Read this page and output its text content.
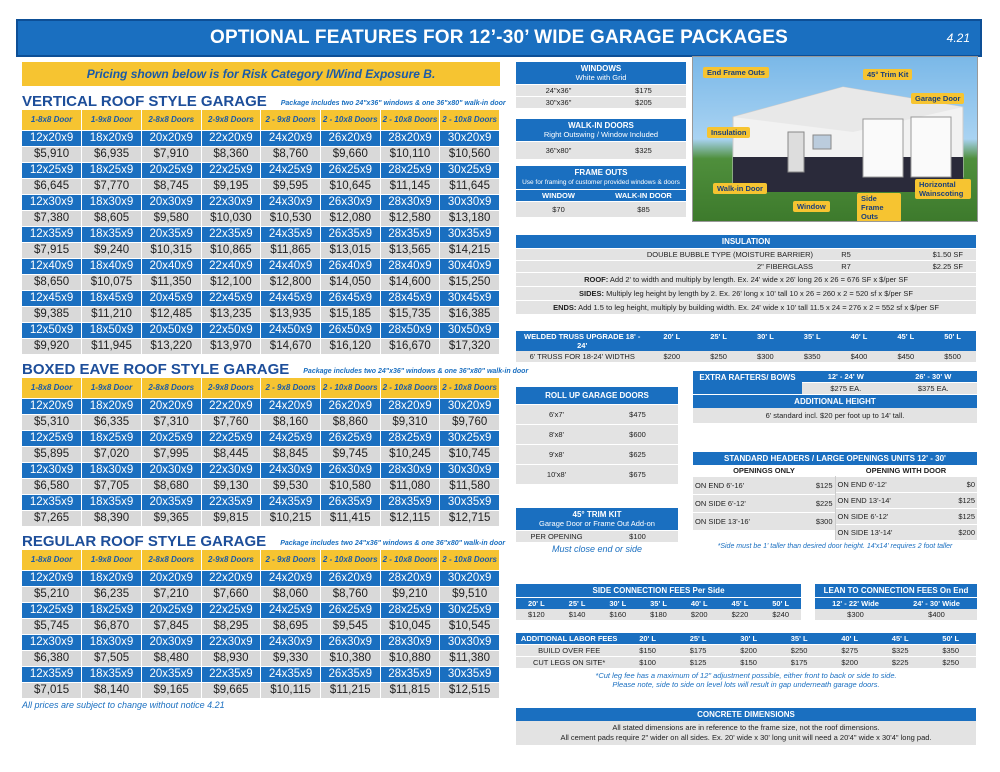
OPTIONAL FEATURES FOR 12’-30’ WIDE GARAGE PACKAGES	4.21
Pricing shown below is for Risk Category I/Wind Exposure B.
VERTICAL ROOF STYLE GARAGE Package includes two 24"x36" windows & one 36"x80" walk-in door
1-8x8 Door	1-9x8 Door	2-8x8 Doors	2-9x8 Doors	2 - 9x8 Doors	2 - 10x8 Doors	2 - 10x8 Doors	2 - 10x8 Doors
12x20x9	18x20x9	20x20x9	22x20x9	24x20x9	26x20x9	28x20x9	30x20x9
$5,910	$6,935	$7,910	$8,360	$8,760	$9,660	$10,110	$10,560
12x25x9	18x25x9	20x25x9	22x25x9	24x25x9	26x25x9	28x25x9	30x25x9
$6,645	$7,770	$8,745	$9,195	$9,595	$10,645	$11,145	$11,645
12x30x9	18x30x9	20x30x9	22x30x9	24x30x9	26x30x9	28x30x9	30x30x9
$7,380	$8,605	$9,580	$10,030	$10,530	$12,080	$12,580	$13,180
12x35x9	18x35x9	20x35x9	22x35x9	24x35x9	26x35x9	28x35x9	30x35x9
$7,915	$9,240	$10,315	$10,865	$11,865	$13,015	$13,565	$14,215
12x40x9	18x40x9	20x40x9	22x40x9	24x40x9	26x40x9	28x40x9	30x40x9
$8,650	$10,075	$11,350	$12,100	$12,800	$14,050	$14,600	$15,250
12x45x9	18x45x9	20x45x9	22x45x9	24x45x9	26x45x9	28x45x9	30x45x9
$9,385	$11,210	$12,485	$13,235	$13,935	$15,185	$15,735	$16,385
12x50x9	18x50x9	20x50x9	22x50x9	24x50x9	26x50x9	28x50x9	30x50x9
$9,920	$11,945	$13,220	$13,970	$14,670	$16,120	$16,670	$17,320
BOXED EAVE ROOF STYLE GARAGE Package includes two 24"x36" windows & one 36"x80" walk-in door
1-8x8 Door	1-9x8 Door	2-8x8 Doors	2-9x8 Doors	2 - 9x8 Doors	2 - 10x8 Doors	2 - 10x8 Doors	2 - 10x8 Doors
12x20x9	18x20x9	20x20x9	22x20x9	24x20x9	26x20x9	28x20x9	30x20x9
$5,310	$6,335	$7,310	$7,760	$8,160	$8,860	$9,310	$9,760
12x25x9	18x25x9	20x25x9	22x25x9	24x25x9	26x25x9	28x25x9	30x25x9
$5,895	$7,020	$7,995	$8,445	$8,845	$9,745	$10,245	$10,745
12x30x9	18x30x9	20x30x9	22x30x9	24x30x9	26x30x9	28x30x9	30x30x9
$6,580	$7,705	$8,680	$9,130	$9,530	$10,580	$11,080	$11,580
12x35x9	18x35x9	20x35x9	22x35x9	24x35x9	26x35x9	28x35x9	30x35x9
$7,265	$8,390	$9,365	$9,815	$10,215	$11,415	$12,115	$12,715
REGULAR ROOF STYLE GARAGE Package includes two 24"x36" windows & one 36"x80" walk-in door
1-8x8 Door	1-9x8 Door	2-8x8 Doors	2-9x8 Doors	2 - 9x8 Doors	2 - 10x8 Doors	2 - 10x8 Doors	2 - 10x8 Doors
12x20x9	18x20x9	20x20x9	22x20x9	24x20x9	26x20x9	28x20x9	30x20x9
$5,210	$6,235	$7,210	$7,660	$8,060	$8,760	$9,210	$9,510
12x25x9	18x25x9	20x25x9	22x25x9	24x25x9	26x25x9	28x25x9	30x25x9
$5,745	$6,870	$7,845	$8,295	$8,695	$9,545	$10,045	$10,545
12x30x9	18x30x9	20x30x9	22x30x9	24x30x9	26x30x9	28x30x9	30x30x9
$6,380	$7,505	$8,480	$8,930	$9,330	$10,380	$10,880	$11,380
12x35x9	18x35x9	20x35x9	22x35x9	24x35x9	26x35x9	28x35x9	30x35x9
$7,015	$8,140	$9,165	$9,665	$10,115	$11,215	$11,815	$12,515
All prices are subject to change without notice 4.21
WINDOWS
White with Grid
24"x36"	$175
30"x36"	$205
WALK-IN DOORS
Right Outswing / Window Included
36"x80"	$325
FRAME OUTS
Use for framing of customer provided windows & doors
WINDOW	WALK-IN DOOR
$70	$85
End Frame Outs	45° Trim Kit
Garage Door
Insulation
Walk-in Door
Window
Side Frame Outs
Horizontal Wainscoting
INSULATION
DOUBLE BUBBLE TYPE (MOISTURE BARRIER)	R5	$1.50 SF
2" FIBERGLASS	R7	$2.25 SF
ROOF: Add 2' to width and multiply by length. Ex. 24' wide x 26' long 26 x 26 = 676 SF x $/per SF
SIDES: Multiply leg height by length by 2. Ex. 26' long x 10' tall 10 x 26 = 260 x 2 = 520 sf x $/per SF
ENDS: Add 1.5 to leg height, multiply by building width. Ex. 24' wide x 10' tall 11.5 x 24 = 276 x 2 = 552 sf x $/per SF
WELDED TRUSS UPGRADE 18' - 24'
20' L	25' L	30' L	35' L	40' L	45' L	50' L
6' TRUSS FOR 18-24' WIDTHS	$200	$250	$300	$350	$400	$450	$500
ROLL UP GARAGE DOORS
6'x7'	$475
8'x8'	$600
9'x8'	$625
10'x8'	$675
45° TRIM KIT
Garage Door or Frame Out Add-on
PER OPENING	$100
Must close end or side
EXTRA RAFTERS/ BOWS	12' - 24' W	26' - 30' W
$275 EA.	$375 EA.
ADDITIONAL HEIGHT
6' standard incl. $20 per foot up to 14' tall.
STANDARD HEADERS / LARGE OPENINGS UNITS 12' - 30'
OPENINGS ONLY	OPENING WITH DOOR
ON END 6'-16'	$125
ON SIDE 6'-12'	$225
ON SIDE 13'-16'	$300
ON END 6'-12'	$0
ON END 13'-14'	$125
ON SIDE 6'-12'	$125
ON SIDE 13'-14'	$200
*Side must be 1' taller than desired door height. 14'x14' requires 2 foot taller
SIDE CONNECTION FEES Per Side
20' L	25' L	30' L	35' L	40' L	45' L	50' L
$120	$140	$160	$180	$200	$220	$240
LEAN TO CONNECTION FEES On End
12' - 22' Wide	24' - 30' Wide
$300	$400
ADDITIONAL LABOR FEES	20' L	25' L	30' L	35' L	40' L	45' L	50' L
BUILD OVER FEE	$150	$175	$200	$250	$275	$325	$350
CUT LEGS ON SITE*	$100	$125	$150	$175	$200	$225	$250
*Cut leg fee has a maximum of 12" adjustment possible, either front to back or side to side.
Please note, side to side on level lots will result in gap underneath garage doors.
CONCRETE DIMENSIONS
All stated dimensions are in reference to the frame size, not the roof dimensions.
All cement pads require 2" wider on all sides. Ex. 20' wide x 30' long unit will need a 20'4" wide x 30'4" long pad.
